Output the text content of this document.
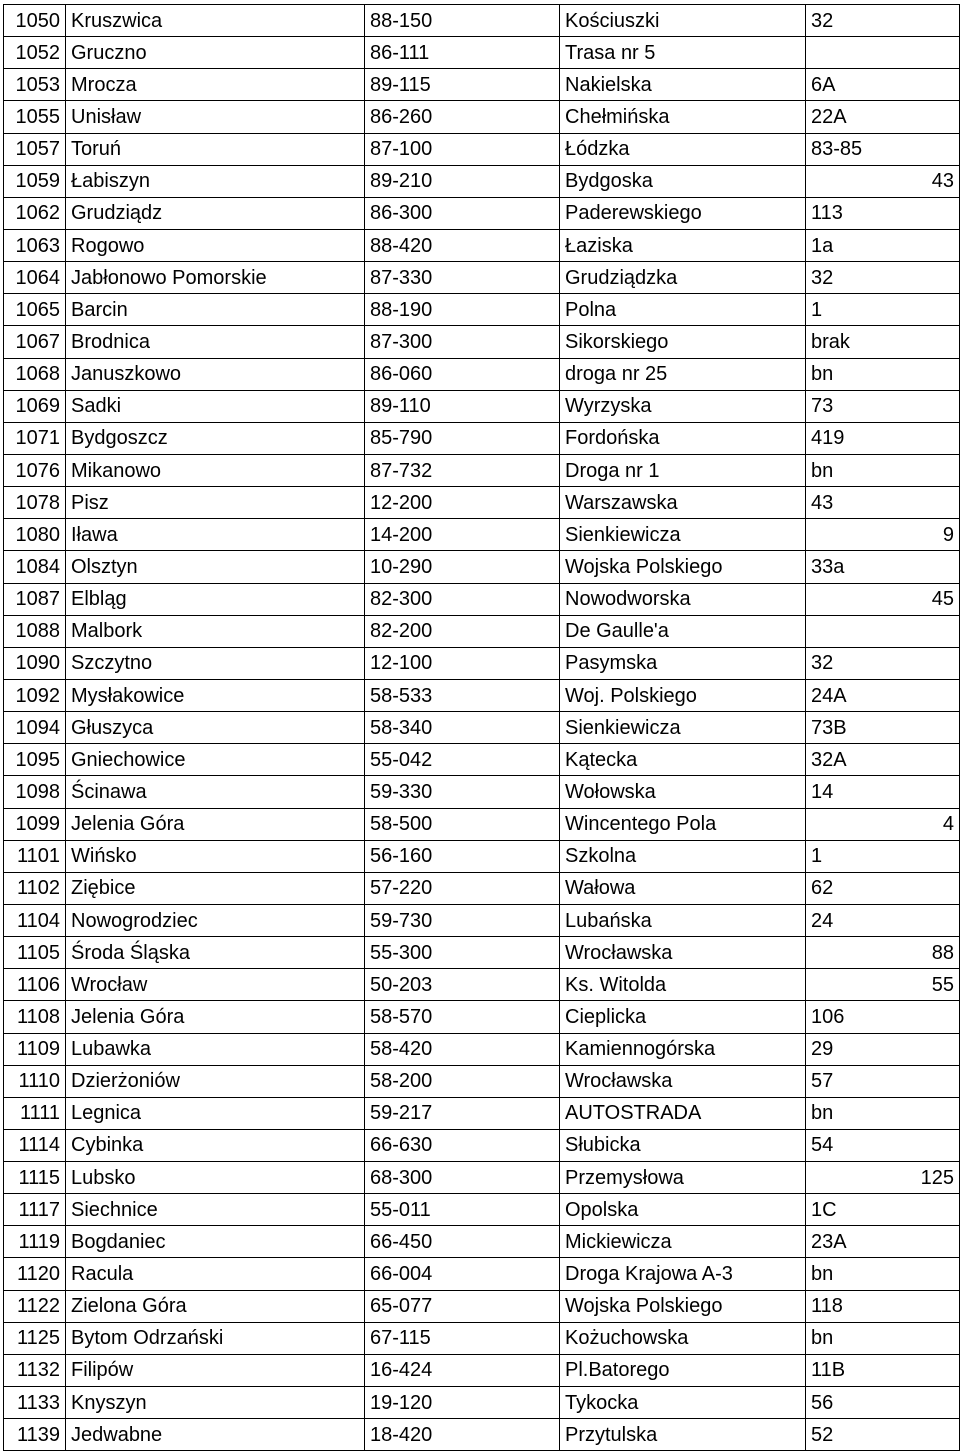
1050	Kruszwica	88-150	Kościuszki	32
1052	Gruczno	86-111	Trasa nr 5	
1053	Mrocza	89-115	Nakielska	6A
1055	Unisław	86-260	Chełmińska	22A
1057	Toruń	87-100	Łódzka	83-85
1059	Łabiszyn	89-210	Bydgoska	43
1062	Grudziądz	86-300	Paderewskiego	113
1063	Rogowo	88-420	Łaziska	1a
1064	Jabłonowo Pomorskie	87-330	Grudziądzka	32
1065	Barcin	88-190	Polna	1
1067	Brodnica	87-300	Sikorskiego	brak
1068	Januszkowo	86-060	droga nr 25	bn
1069	Sadki	89-110	Wyrzyska	73
1071	Bydgoszcz	85-790	Fordońska	419
1076	Mikanowo	87-732	Droga nr 1	bn
1078	Pisz	12-200	Warszawska	43
1080	Iława	14-200	Sienkiewicza	9
1084	Olsztyn	10-290	Wojska Polskiego	33a
1087	Elbląg	82-300	Nowodworska	45
1088	Malbork	82-200	De Gaulle'a	
1090	Szczytno	12-100	Pasymska	32
1092	Mysłakowice	58-533	Woj. Polskiego	24A
1094	Głuszyca	58-340	Sienkiewicza	73B
1095	Gniechowice	55-042	Kątecka	32A
1098	Ścinawa	59-330	Wołowska	14
1099	Jelenia Góra	58-500	Wincentego Pola	4
1101	Wińsko	56-160	Szkolna	1
1102	Ziębice	57-220	Wałowa	62
1104	Nowogrodziec	59-730	Lubańska	24
1105	Środa Śląska	55-300	Wrocławska	88
1106	Wrocław	50-203	Ks. Witolda	55
1108	Jelenia Góra	58-570	Cieplicka	106
1109	Lubawka	58-420	Kamiennogórska	29
1110	Dzierżoniów	58-200	Wrocławska	57
1111	Legnica	59-217	AUTOSTRADA	bn
1114	Cybinka	66-630	Słubicka	54
1115	Lubsko	68-300	Przemysłowa	125
1117	Siechnice	55-011	Opolska	1C
1119	Bogdaniec	66-450	Mickiewicza	23A
1120	Racula	66-004	Droga Krajowa A-3	bn
1122	Zielona Góra	65-077	Wojska Polskiego	118
1125	Bytom Odrzański	67-115	Kożuchowska	bn
1132	Filipów	16-424	Pl.Batorego	11B
1133	Knyszyn	19-120	Tykocka	56
1139	Jedwabne	18-420	Przytulska	52
